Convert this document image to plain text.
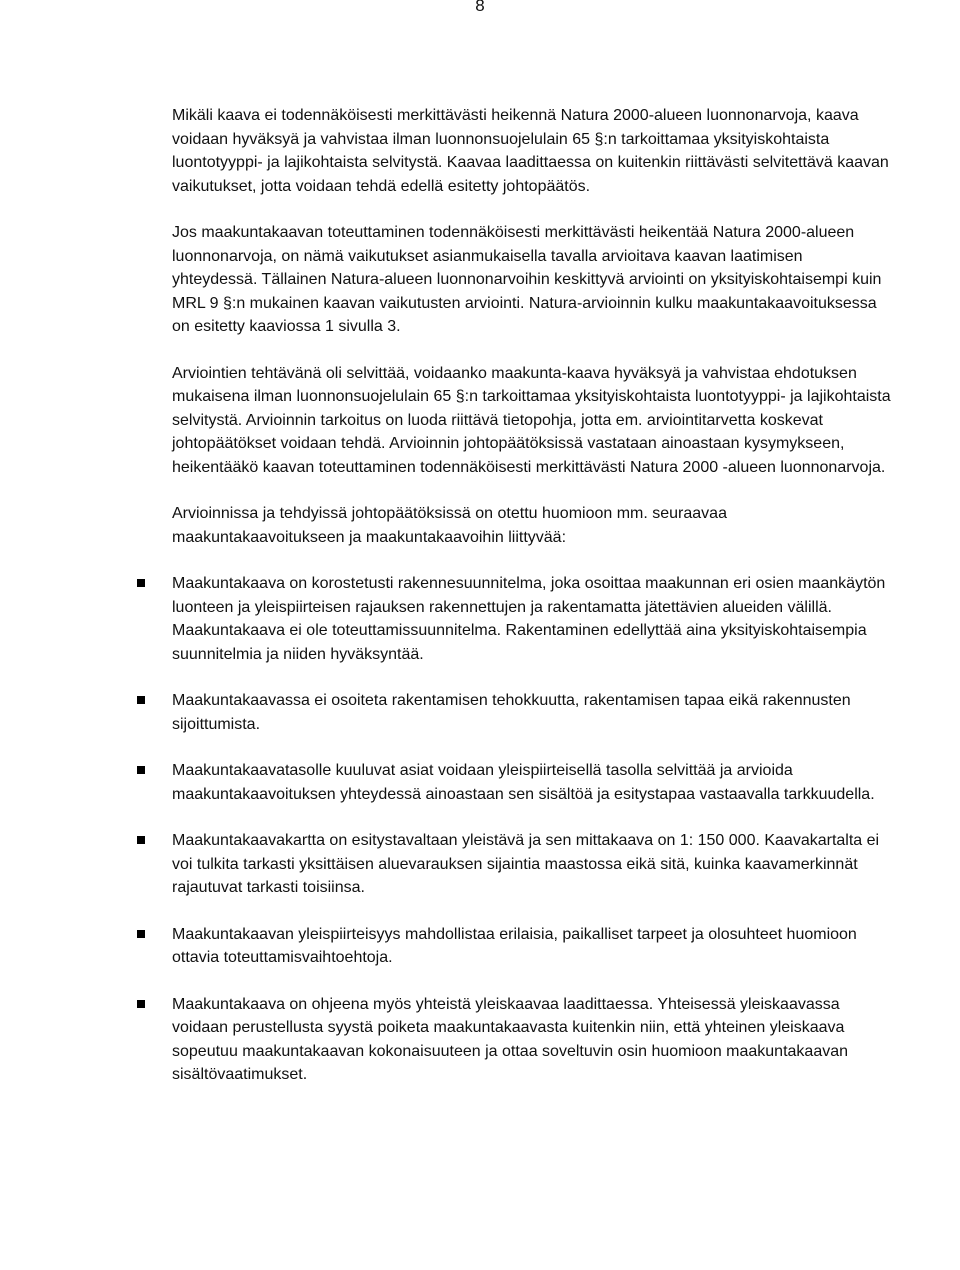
8

Mikäli kaava ei todennäköisesti merkittävästi heikennä Natura 2000-alueen luonnonarvoja, kaava voidaan hyväksyä ja vahvistaa ilman luonnonsuojelulain 65 §:n tarkoittamaa yksityiskohtaista luontotyyppi- ja lajikohtaista selvitystä. Kaavaa laadittaessa on kuitenkin riittävästi selvitettävä kaavan vaikutukset, jotta voidaan tehdä edellä esitetty johtopäätös.

Jos maakuntakaavan toteuttaminen todennäköisesti merkittävästi heikentää Natura 2000-alueen luonnonarvoja, on nämä vaikutukset asianmukaisella tavalla arvioitava kaavan laatimisen yhteydessä. Tällainen Natura-alueen luonnonarvoihin keskittyvä arviointi on yksityiskohtaisempi kuin MRL 9 §:n mukainen kaavan vaikutusten arviointi. Natura-arvioinnin kulku maakuntakaavoituksessa on esitetty kaaviossa 1 sivulla 3.

Arviointien tehtävänä oli selvittää, voidaanko maakunta-kaava hyväksyä ja vahvistaa ehdotuksen mukaisena ilman luonnonsuojelulain 65 §:n tarkoittamaa yksityiskohtaista luontotyyppi- ja lajikohtaista selvitystä. Arvioinnin tarkoitus on luoda riittävä tietopohja, jotta em. arviointitarvetta koskevat johtopäätökset voidaan tehdä. Arvioinnin johtopäätöksissä vastataan ainoastaan kysymykseen, heikentääkö kaavan toteuttaminen todennäköisesti merkittävästi Natura 2000 -alueen luonnonarvoja.

Arvioinnissa ja tehdyissä johtopäätöksissä on otettu huomioon mm. seuraavaa maakuntakaavoitukseen ja maakuntakaavoihin liittyvää:

Maakuntakaava on korostetusti rakennesuunnitelma, joka osoittaa maakunnan eri osien maankäytön luonteen ja yleispiirteisen rajauksen rakennettujen ja rakentamatta jätettävien alueiden välillä. Maakuntakaava ei ole toteuttamissuunnitelma. Rakentaminen edellyttää aina yksityiskohtaisempia suunnitelmia ja niiden hyväksyntää.
Maakuntakaavassa ei osoiteta rakentamisen tehokkuutta, rakentamisen tapaa eikä rakennusten sijoittumista.
Maakuntakaavatasolle kuuluvat asiat voidaan yleispiirteisellä tasolla selvittää ja arvioida maakuntakaavoituksen yhteydessä ainoastaan sen sisältöä ja esitystapaa vastaavalla tarkkuudella.
Maakuntakaavakartta on esitystavaltaan yleistävä ja sen mittakaava on 1: 150 000. Kaavakartalta ei voi tulkita tarkasti yksittäisen aluevarauksen sijaintia maastossa eikä sitä, kuinka kaavamerkinnät rajautuvat tarkasti toisiinsa.
Maakuntakaavan yleispiirteisyys mahdollistaa erilaisia, paikalliset tarpeet ja olosuhteet huomioon ottavia toteuttamisvaihtoehtoja.
Maakuntakaava on ohjeena myös yhteistä yleiskaavaa laadittaessa. Yhteisessä yleiskaavassa voidaan perustellusta syystä poiketa maakuntakaavasta kuitenkin niin, että yhteinen yleiskaava sopeutuu maakuntakaavan kokonaisuuteen ja ottaa soveltuvin osin huomioon maakuntakaavan sisältövaatimukset.
